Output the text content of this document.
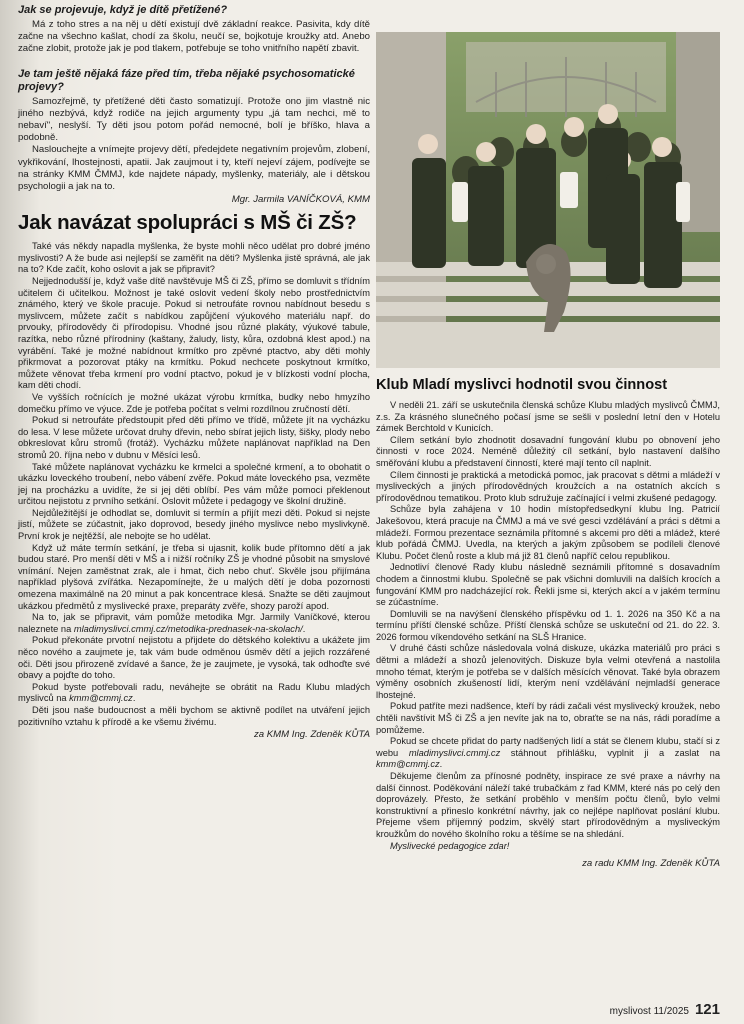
Jak se projevuje, když je dítě přetížené?

Má z toho stres a na něj u dětí existují dvě základní reakce. Pasivita, kdy dítě začne na všechno kašlat, chodí za školu, neučí se, bojkotuje kroužky atd. Anebo začne zlobit, protože jak je pod tlakem, potřebuje se toho vnitřního napětí zbavit.

Je tam ještě nějaká fáze před tím, třeba nějaké psychosomatické projevy?

Samozřejmě, ty přetížené děti často somatizují. Protože ono jim vlastně nic jiného nezbývá, když rodiče na jejich argumenty typu „já tam nechci, mě to nebaví", neslyší. Ty děti jsou potom pořád nemocné, bolí je bříško, hlava a podobně.

Naslouchejte a vnímejte projevy dětí, předejdete negativním projevům, zlobení, vykřikování, lhostejnosti, apatii. Jak zaujmout i ty, kteří nejeví zájem, podívejte se na stránky KMM ČMMJ, kde najdete nápady, myšlenky, materiály, ale i dětskou psychologii a jak na to.

Mgr. Jarmila VANÍČKOVÁ, KMM

Jak navázat spolupráci s MŠ či ZŠ?

Také vás někdy napadla myšlenka, že byste mohli něco udělat pro dobré jméno myslivosti? A že bude asi nejlepší se zaměřit na děti? Myšlenka jistě správná, ale jak na to? Kde začít, koho oslovit a jak se připravit?

Nejjednodušší je, když vaše dítě navštěvuje MŠ či ZŠ, přímo se domluvit s třídním učitelem či učitelkou. Možnost je také oslovit vedení školy nebo prostřednictvím známého, který ve škole pracuje. Pokud si netroufáte rovnou nabídnout besedu s myslivcem, můžete začít s nabídkou zapůjčení výukového materiálu např. do prvouky, přírodovědy či přírodopisu. Vhodné jsou různé plakáty, výukové tabule, razítka, nebo různé přírodniny (kaštany, žaludy, listy, kůra, ozdobná klest apod.) na vyrábění. Také je možné nabídnout krmítko pro zpěvné ptactvo, aby děti mohly přikrmovat a pozorovat ptáky na krmítku. Pokud nechcete poskytnout krmítko, můžete věnovat třeba krmení pro vodní ptactvo, pokud je v blízkosti vodní plocha, kam děti chodí.

Ve vyšších ročnících je možné ukázat výrobu krmítka, budky nebo hmyzího domečku přímo ve výuce. Zde je potřeba počítat s velmi rozdílnou zručností dětí.

Pokud si netroufáte předstoupit před děti přímo ve třídě, můžete jít na vycházku do lesa. V lese můžete určovat druhy dřevin, nebo sbírat jejich listy, šišky, plody nebo obkreslovat kůru stromů (frotáž). Vycházku můžete naplánovat například na Den stromů 20. října nebo v dubnu v Měsíci lesů.

Také můžete naplánovat vycházku ke krmelci a společné krmení, a to obohatit o ukázku loveckého troubení, nebo vábení zvěře. Pokud máte loveckého psa, vezměte jej na procházku a uvidíte, že si jej děti oblíbí. Pes vám může pomoci překlenout určitou nejistotu z prvního setkání. Oslovit můžete i pedagogy ve školní družině.

Nejdůležitější je odhodlat se, domluvit si termín a přijít mezi děti. Pokud si nejste jistí, můžete se zúčastnit, jako doprovod, besedy jiného myslivce nebo myslivkyně. První krok je nejtěžší, ale nebojte se ho udělat.

Když už máte termín setkání, je třeba si ujasnit, kolik bude přítomno dětí a jak budou staré. Pro menší děti v MŠ a i nižší ročníky ZŠ je vhodné působit na smyslové vnímání. Nejen zaměstnat zrak, ale i hmat, čich nebo chuť. Skvěle jsou přijímána například plyšová zvířátka. Nezapomínejte, že u malých dětí je doba pozornosti omezena maximálně na 20 minut a pak koncentrace klesá. Snažte se děti zaujmout ukázkou předmětů z myslivecké praxe, preparáty zvěře, shozy paroží apod.

Na to, jak se připravit, vám pomůže metodika Mgr. Jarmily Vaníčkové, kterou naleznete na mladimyslivci.cmmj.cz/metodika-prednasek-na-skolach/.

Pokud překonáte prvotní nejistotu a přijdete do dětského kolektivu a ukážete jim něco nového a zaujmete je, tak vám bude odměnou úsměv dětí a jejich rozzářené oči. Děti jsou přirozeně zvídavé a šance, že je zaujmete, je vysoká, tak odhoďte své obavy a pojďte do toho.

Pokud byste potřebovali radu, neváhejte se obrátit na Radu Klubu mladých myslivců na kmm@cmmj.cz.

Děti jsou naše budoucnost a měli bychom se aktivně podílet na utváření jejich pozitivního vztahu k přírodě a ke všemu živému.

za KMM Ing. Zdeněk KŮTA

Klub Mladí myslivci hodnotil svou činnost

V neděli 21. září se uskutečnila členská schůze Klubu mladých myslivců ČMMJ, z.s. Za krásného slunečného počasí jsme se sešli v poslední letní den v Hotelu zámek Berchtold v Kunicích.

Cílem setkání bylo zhodnotit dosavadní fungování klubu po obnovení jeho činnosti v roce 2024. Neméně důležitý cíl setkání, bylo nastavení dalšího směřování klubu a představení činností, které mají tento cíl naplnit.

Cílem činnosti je praktická a metodická pomoc, jak pracovat s dětmi a mládeží v mysliveckých a jiných přírodovědných kroužcích a na ostatních akcích s přírodovědnou tematikou. Proto klub sdružuje začínající i velmi zkušené pedagogy.

Schůze byla zahájena v 10 hodin místopředsedkyní klubu Ing. Patricií Jakešovou, která pracuje na ČMMJ a má ve své gesci vzdělávání a práci s dětmi a mládeží. Formou prezentace seznámila přítomné s akcemi pro děti a mládež, které klub pořádá ČMMJ. Uvedla, na kterých a jakým způsobem se podíleli členové Klubu. Počet členů roste a klub má již 81 členů napříč celou republikou.

Jednotliví členové Rady klubu následně seznámili přítomné s dosavadním chodem a činnostmi klubu. Společně se pak všichni domluvili na dalších krocích a fungování KMM pro nadcházející rok. Řekli jsme si, kterých akcí a v jakém termínu se zúčastníme.

Domluvili se na navýšení členského příspěvku od 1. 1. 2026 na 350 Kč a na termínu příští členské schůze. Příští členská schůze se uskuteční od 21. do 22. 3. 2026 formou víkendového setkání na SLŠ Hranice.

V druhé části schůze následovala volná diskuze, ukázka materiálů pro práci s dětmi a mládeží a shozů jelenovitých. Diskuze byla velmi otevřená a nastolila mnoho témat, kterým je potřeba se v dalších měsících věnovat. Také byla obrazem výměny osobních zkušeností lidí, kterým není vzdělávání nejmladší generace lhostejné.

Pokud patříte mezi nadšence, kteří by rádi začali vést myslivecký kroužek, nebo chtěli navštívit MŠ či ZŠ a jen nevíte jak na to, obraťte se na nás, rádi poradíme a pomůžeme.

Pokud se chcete přidat do party nadšených lidí a stát se členem klubu, stačí si z webu mladimyslivci.cmmj.cz stáhnout přihlášku, vyplnit ji a zaslat na kmm@cmmj.cz.

Děkujeme členům za přínosné podněty, inspirace ze své praxe a návrhy na další činnost. Poděkování náleží také trubačkám z řad KMM, které nás po celý den doprovázely. Přesto, že setkání proběhlo v menším počtu členů, bylo velmi konstruktivní a přineslo konkrétní návrhy, jak co nejlépe naplňovat poslání klubu. Přejeme všem příjemný podzim, skvělý start přírodovědným a mysliveckým kroužkům do nového školního roku a těšíme se na shledání.

Myslivecké pedagogice zdar!

za radu KMM Ing. Zdeněk KŮTA

myslivost 11/2025 121
